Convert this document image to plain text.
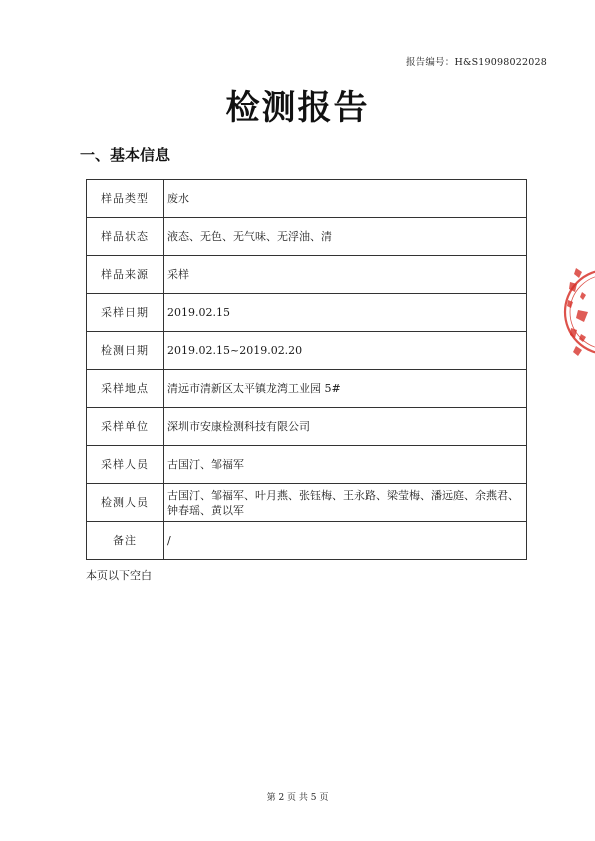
报告编号：H&S19098022028
检测报告
一、基本信息
样品类型	废水
样品状态	液态、无色、无气味、无浮油、清
样品来源	采样
采样日期	2019.02.15
检测日期	2019.02.15~2019.02.20
采样地点	清远市清新区太平镇龙湾工业园 5#
采样单位	深圳市安康检测科技有限公司
采样人员	古国汀、邹福军
检测人员	古国汀、邹福军、叶月燕、张钰梅、王永路、梁莹梅、潘远庭、余燕君、钟春瑶、黄以军
备注	/
本页以下空白
第 2 页 共 5 页
